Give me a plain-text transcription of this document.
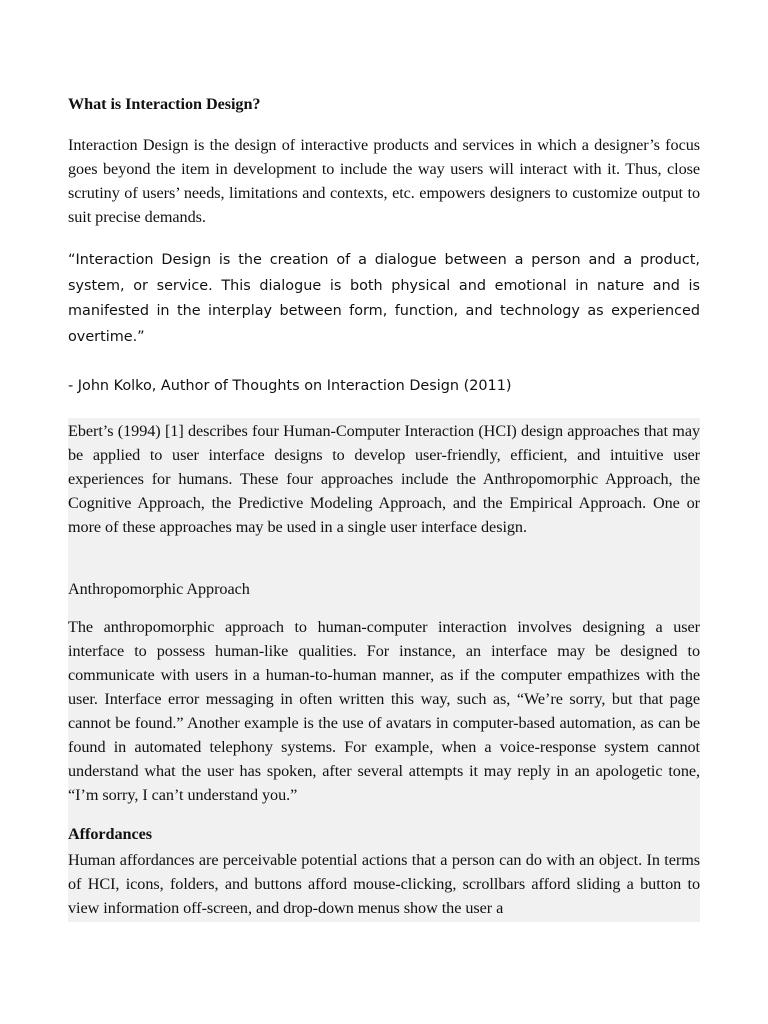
What is Interaction Design?

Interaction Design is the design of interactive products and services in which a designer’s focus goes beyond the item in development to include the way users will interact with it. Thus, close scrutiny of users’ needs, limitations and contexts, etc. empowers designers to customize output to suit precise demands.

“Interaction Design is the creation of a dialogue between a person and a product, system, or service. This dialogue is both physical and emotional in nature and is manifested in the interplay between form, function, and technology as experienced overtime.”

- John Kolko, Author of Thoughts on Interaction Design (2011)

Ebert’s (1994) [1] describes four Human-Computer Interaction (HCI) design approaches that may be applied to user interface designs to develop user-friendly, efficient, and intuitive user experiences for humans. These four approaches include the Anthropomorphic Approach, the Cognitive Approach, the Predictive Modeling Approach, and the Empirical Approach. One or more of these approaches may be used in a single user interface design.

Anthropomorphic Approach

The anthropomorphic approach to human-computer interaction involves designing a user interface to possess human-like qualities. For instance, an interface may be designed to communicate with users in a human-to-human manner, as if the computer empathizes with the user. Interface error messaging in often written this way, such as, “We’re sorry, but that page cannot be found.” Another example is the use of avatars in computer-based automation, as can be found in automated telephony systems. For example, when a voice-response system cannot understand what the user has spoken, after several attempts it may reply in an apologetic tone, “I’m sorry, I can’t understand you.”

Affordances

Human affordances are perceivable potential actions that a person can do with an object. In terms of HCI, icons, folders, and buttons afford mouse-clicking, scrollbars afford sliding a button to view information off-screen, and drop-down menus show the user a
